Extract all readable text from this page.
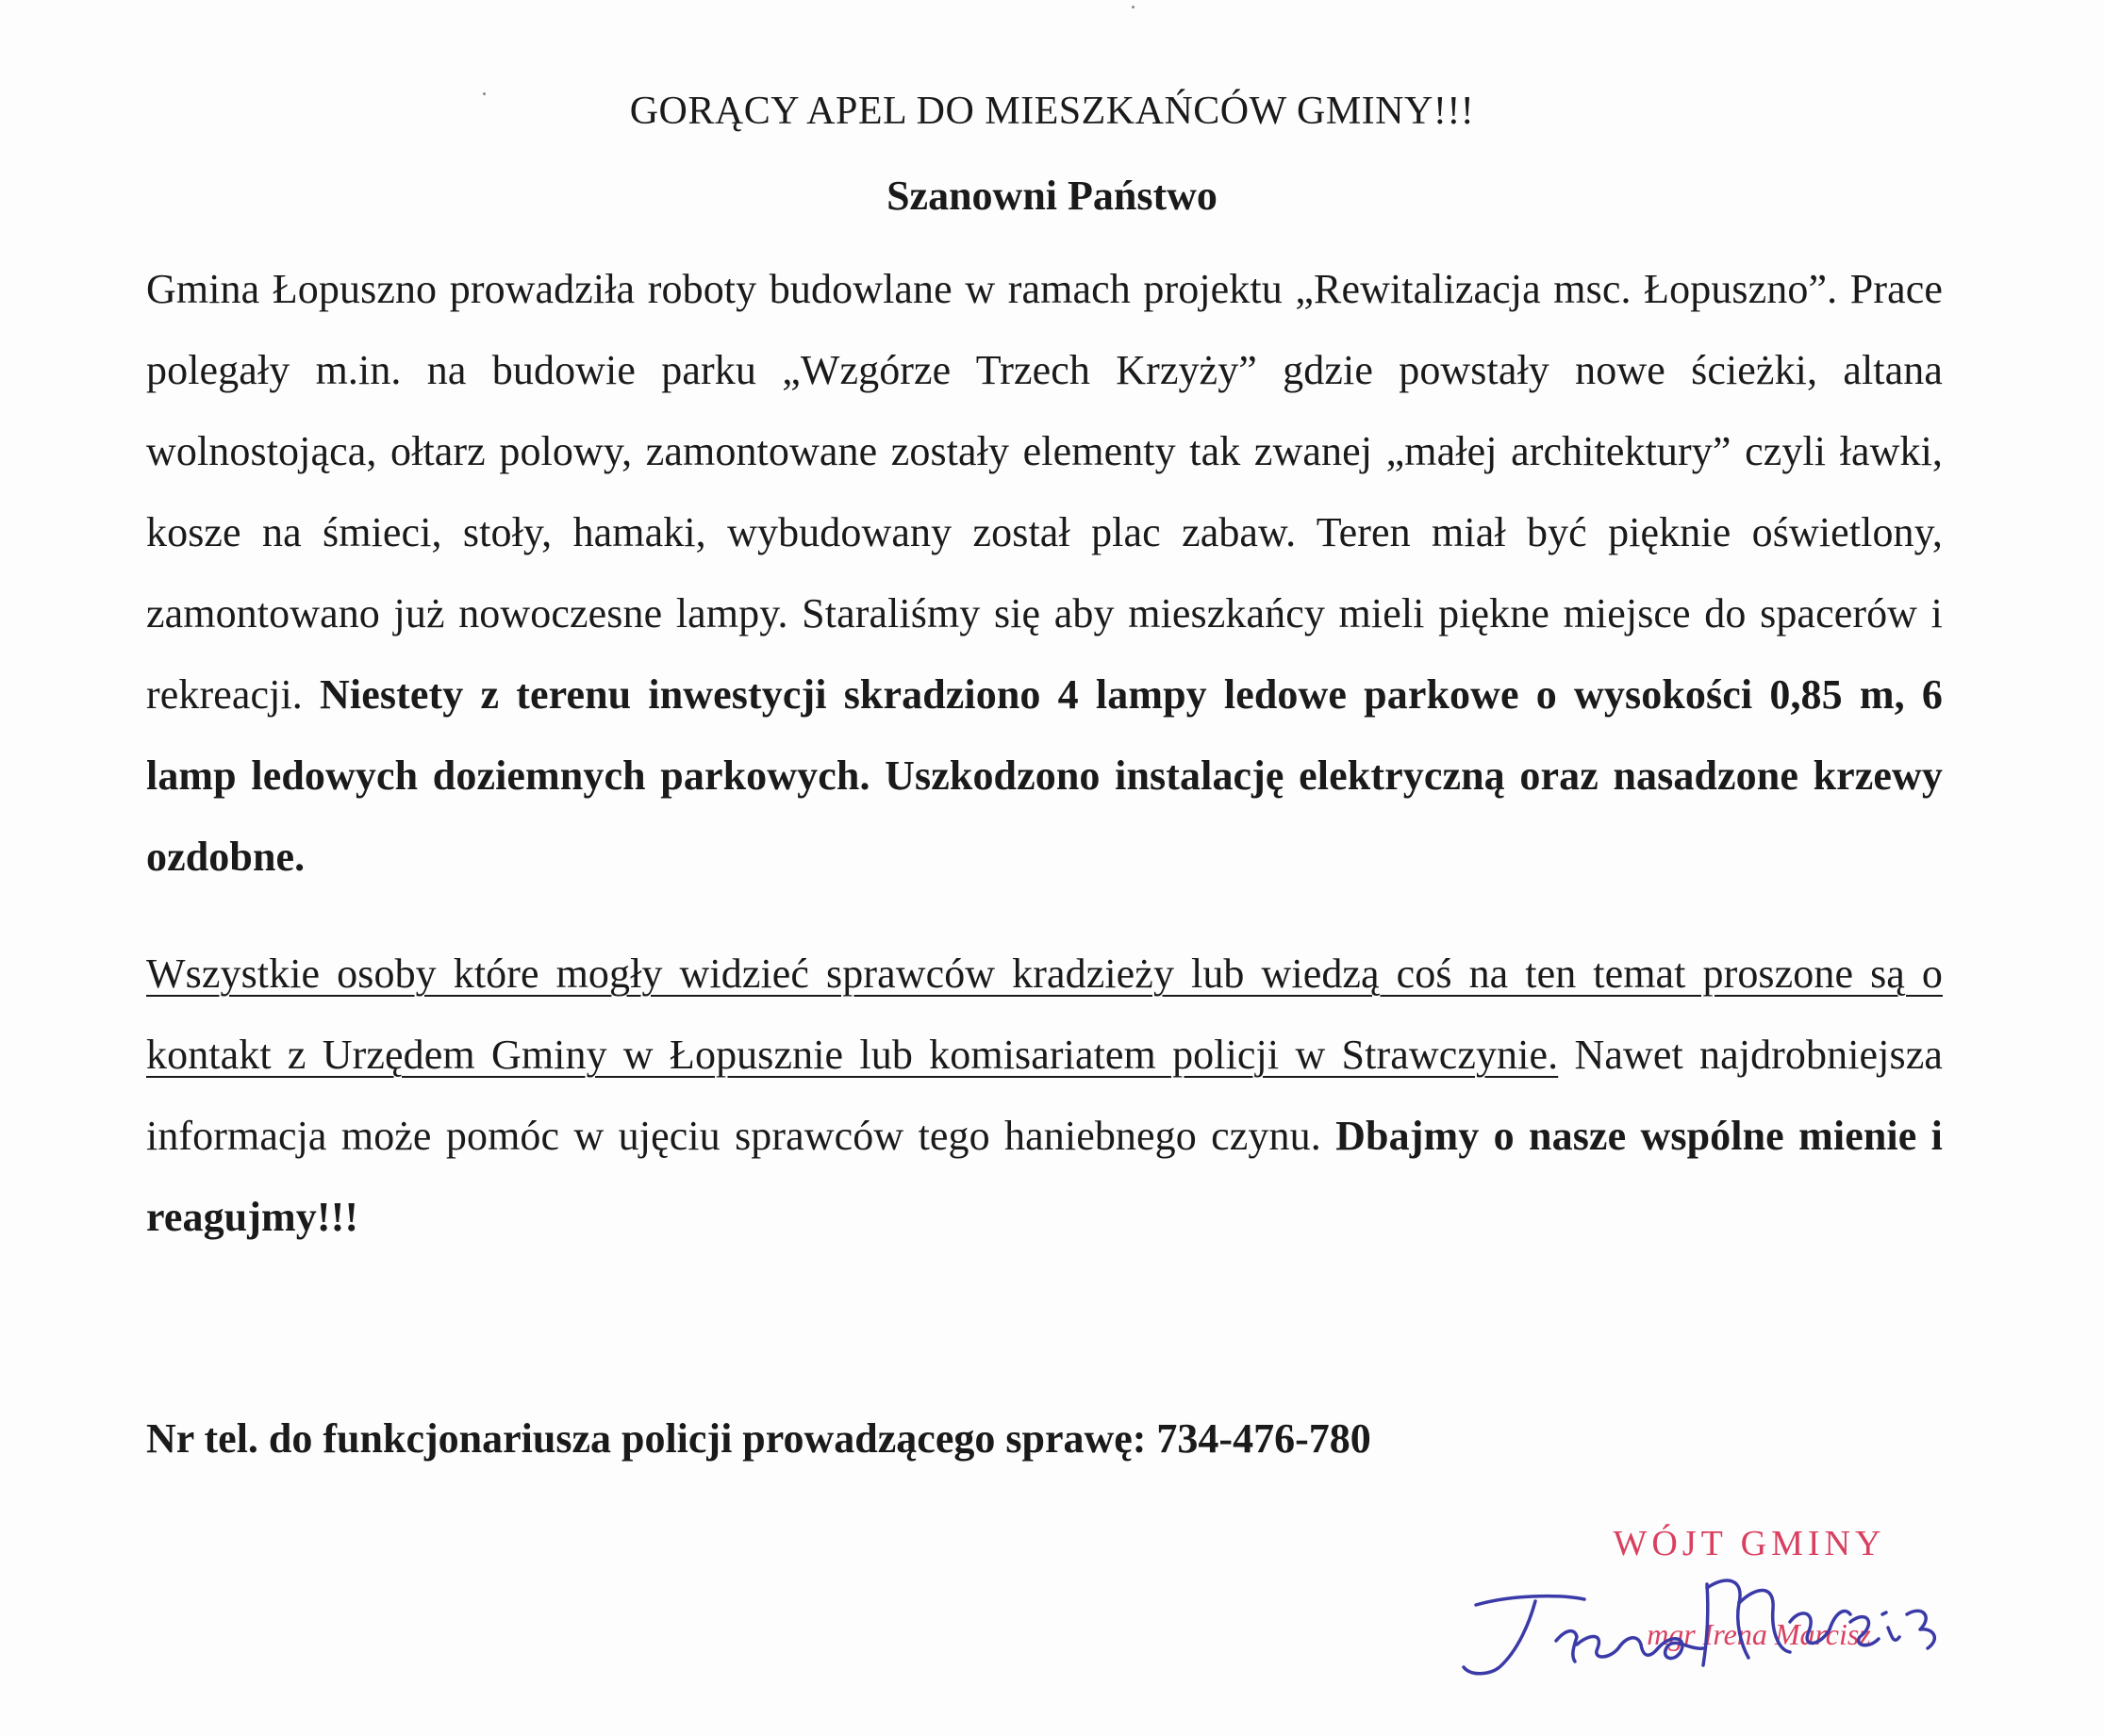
GORĄCY APEL DO MIESZKAŃCÓW GMINY!!!
Szanowni Państwo
Gmina Łopuszno prowadziła roboty budowlane w ramach projektu „Rewitalizacja msc. Łopuszno”. Prace polegały m.in. na budowie parku „Wzgórze Trzech Krzyży” gdzie powstały nowe ścieżki, altana wolnostojąca, ołtarz polowy, zamontowane zostały elementy tak zwanej „małej architektury” czyli ławki, kosze na śmieci, stoły, hamaki, wybudowany został plac zabaw. Teren miał być pięknie oświetlony, zamontowano już nowoczesne lampy. Staraliśmy się aby mieszkańcy mieli piękne miejsce do spacerów i rekreacji. Niestety z terenu inwestycji skradziono 4 lampy ledowe parkowe o wysokości 0,85 m, 6 lamp ledowych doziemnych parkowych. Uszkodzono instalację elektryczną oraz nasadzone krzewy ozdobne.
Wszystkie osoby które mogły widzieć sprawców kradzieży lub wiedzą coś na ten temat proszone są o kontakt z Urzędem Gminy w Łopusznie lub komisariatem policji w Strawczynie. Nawet najdrobniejsza informacja może pomóc w ujęciu sprawców tego haniebnego czynu. Dbajmy o nasze wspólne mienie i reagujmy!!!
Nr tel. do funkcjonariusza policji prowadzącego sprawę: 734-476-780
WÓJT GMINY
mgr Irena Marcisz
